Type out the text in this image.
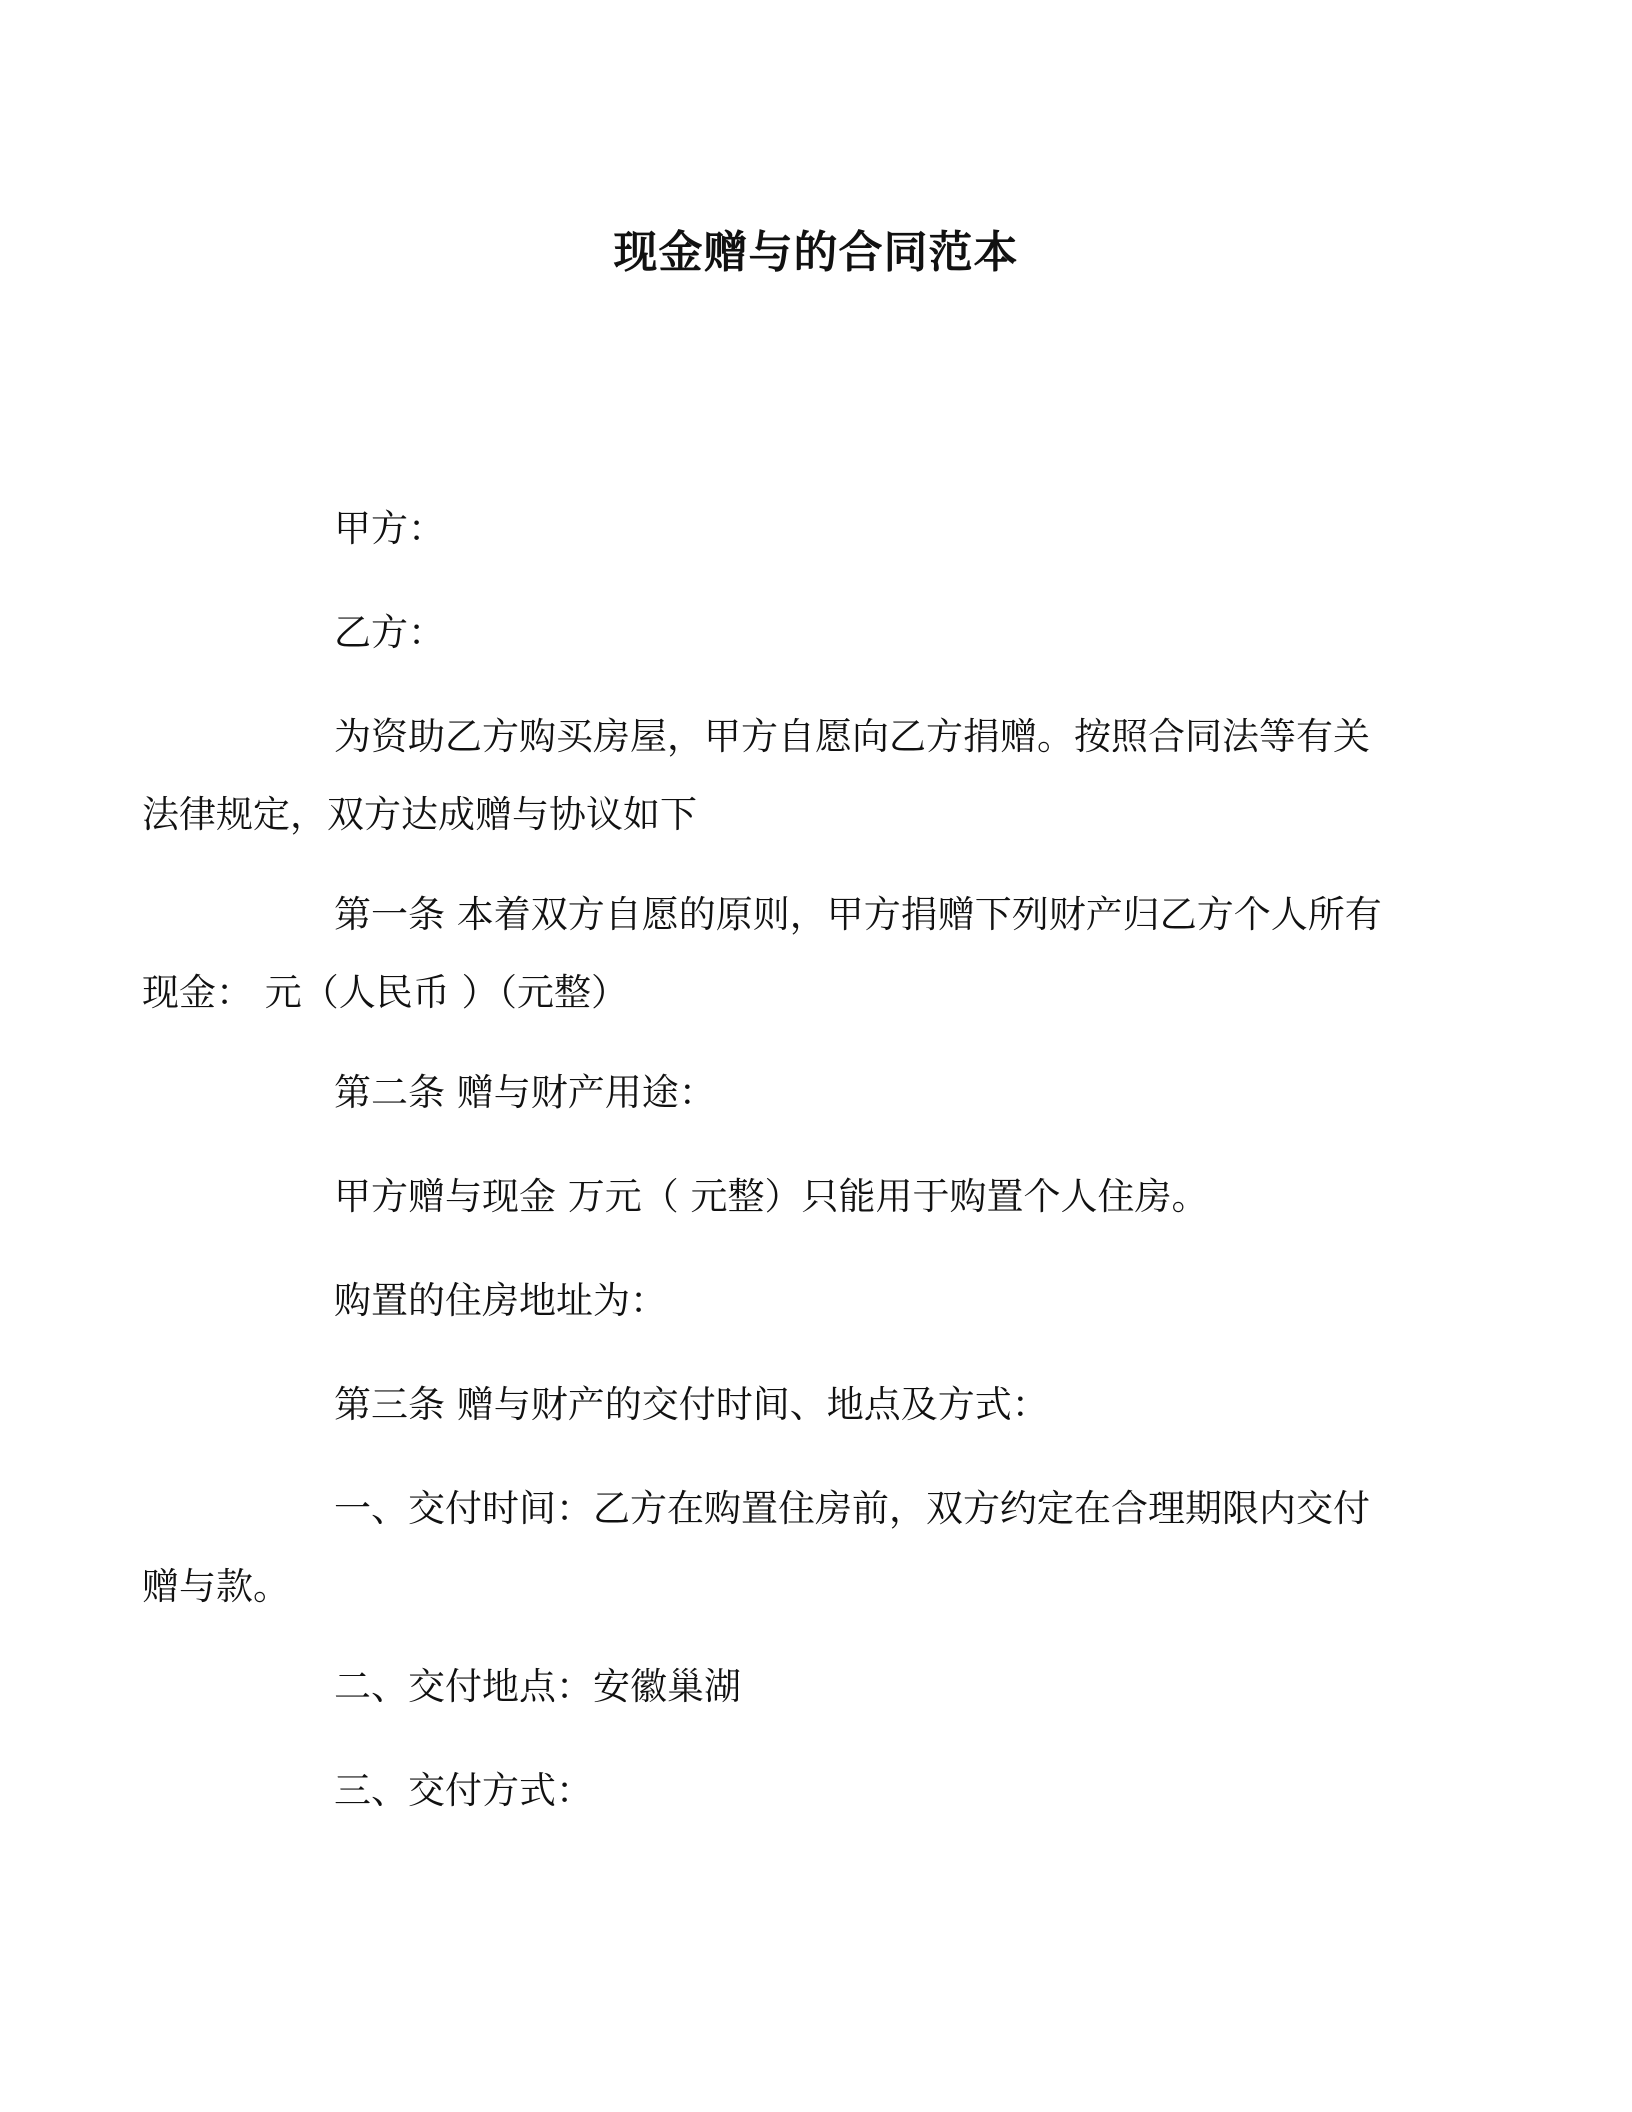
现金赠与的合同范本
甲方：
乙方：
为资助乙方购买房屋，甲方自愿向乙方捐赠。按照合同法等有关
法律规定，双方达成赠与协议如下
第一条 本着双方自愿的原则，甲方捐赠下列财产归乙方个人所有
现金： 元（人民币 ）（元整）
第二条 赠与财产用途：
甲方赠与现金 万元（ 元整）只能用于购置个人住房。
购置的住房地址为：
第三条 赠与财产的交付时间、地点及方式：
一、交付时间：乙方在购置住房前，双方约定在合理期限内交付
赠与款。
二、交付地点：安徽巢湖
三、交付方式：
